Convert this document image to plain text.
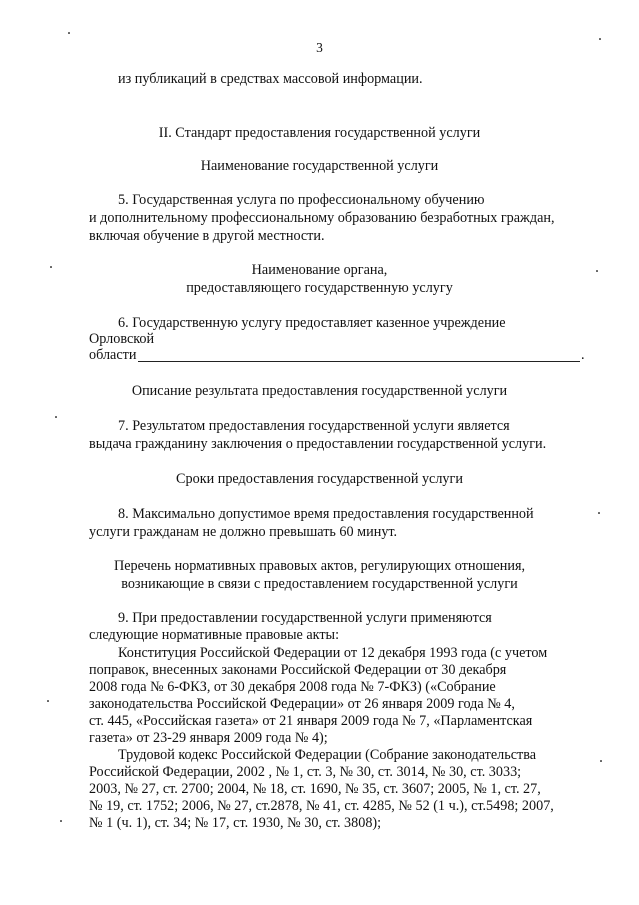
3
из публикаций в средствах массовой информации.
II. Стандарт предоставления государственной услуги
Наименование государственной услуги
5. Государственная услуга по профессиональному обучению
и дополнительному профессиональному образованию безработных граждан,
включая обучение в другой местности.
Наименование органа,
предоставляющего государственную услугу
6. Государственную услугу предоставляет казенное учреждение
Орловской
области	.
Описание результата предоставления государственной услуги
7. Результатом предоставления государственной услуги является
выдача гражданину заключения о предоставлении государственной услуги.
Сроки предоставления государственной услуги
8. Максимально допустимое время предоставления государственной
услуги гражданам не должно превышать 60 минут.
Перечень нормативных правовых актов, регулирующих отношения,
возникающие в связи с предоставлением государственной услуги
9. При предоставлении государственной услуги применяются
следующие нормативные правовые акты:
Конституция Российской Федерации от 12 декабря 1993 года (с учетом
поправок, внесенных законами Российской Федерации от 30 декабря
2008 года № 6-ФКЗ, от 30 декабря 2008 года № 7-ФКЗ) («Собрание
законодательства Российской Федерации» от 26 января 2009 года № 4,
ст. 445, «Российская газета» от 21 января 2009 года № 7, «Парламентская
газета» от 23-29 января 2009 года № 4);
Трудовой кодекс Российской Федерации (Собрание законодательства
Российской Федерации, 2002 , № 1, ст. 3, № 30, ст. 3014, № 30, ст. 3033;
2003, № 27, ст. 2700; 2004, № 18, ст. 1690, № 35, ст. 3607; 2005, № 1, ст. 27,
№ 19, ст. 1752; 2006, № 27, ст.2878, № 41, ст. 4285, № 52 (1 ч.), ст.5498; 2007,
№ 1 (ч. 1), ст. 34; № 17, ст. 1930, № 30, ст. 3808);
